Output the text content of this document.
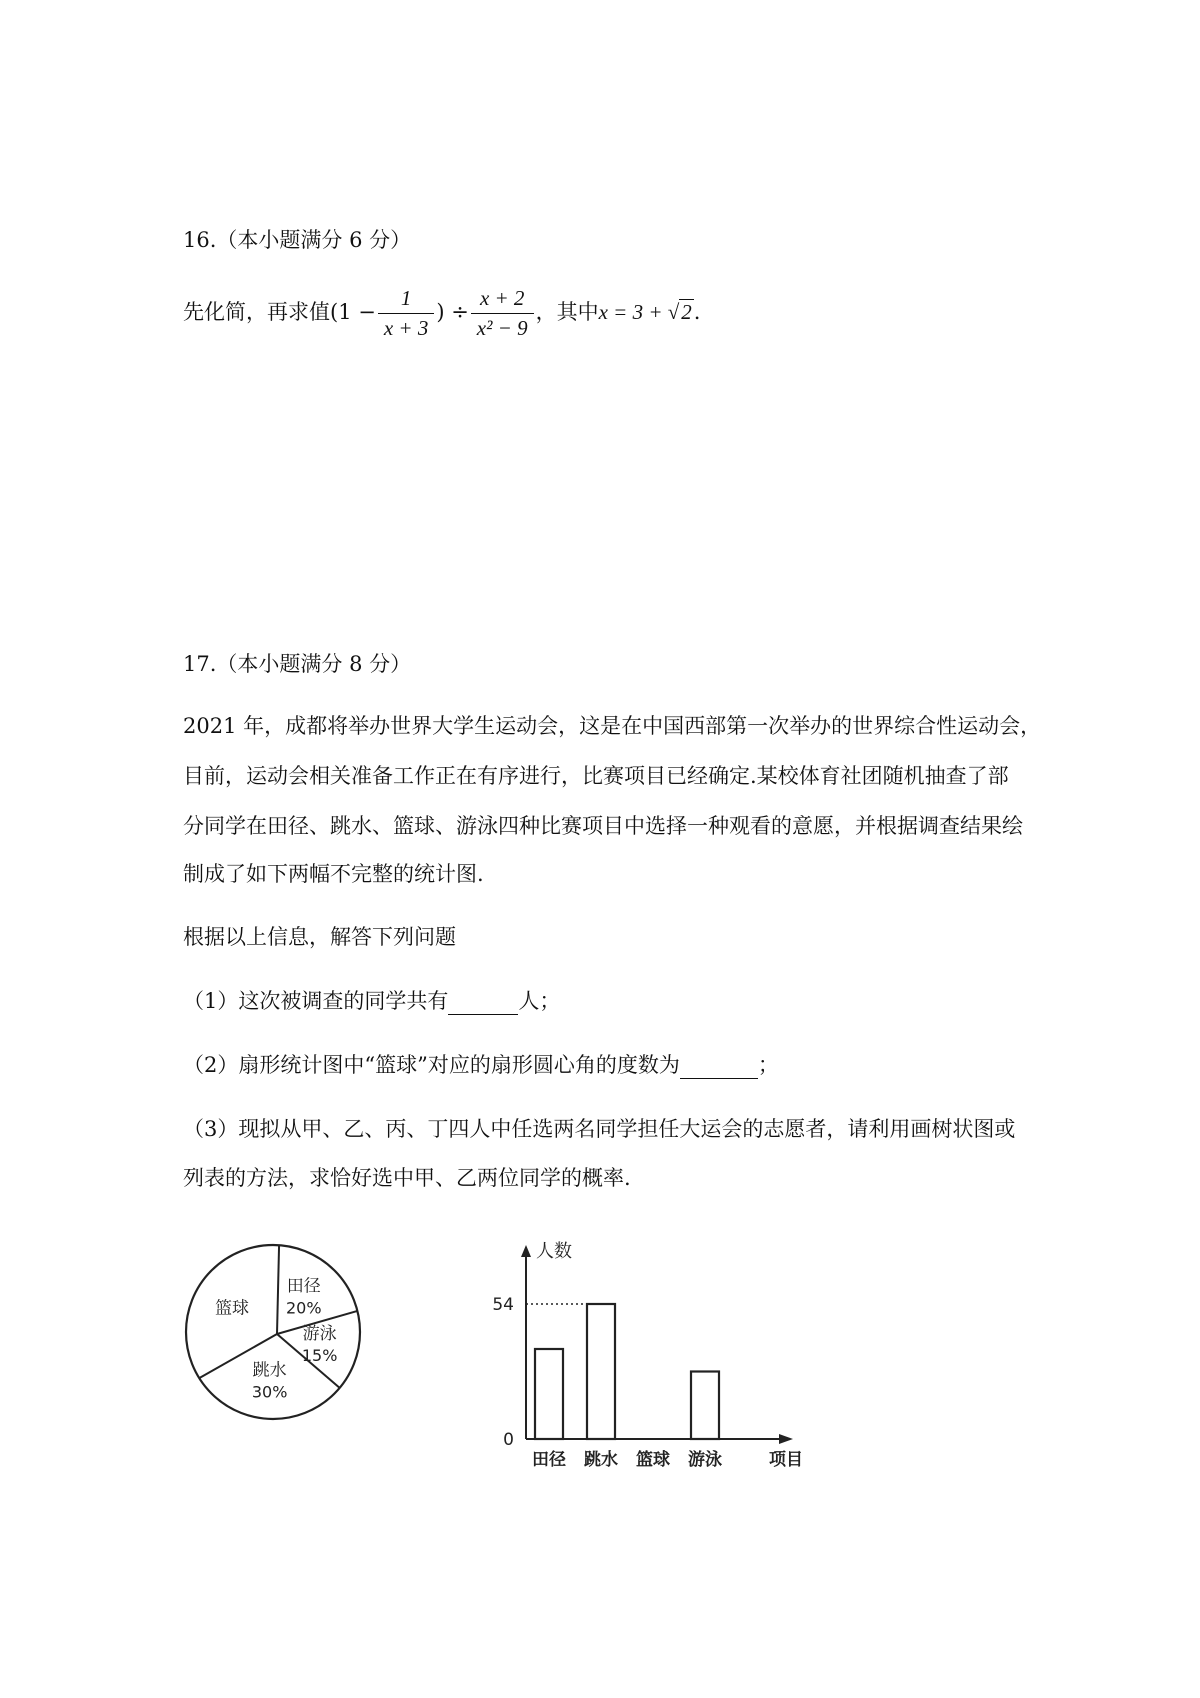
16.（本小题满分 6 分）
先化简，再求值($1 - \frac{1}{x + 3}$ ) ÷ $\frac{x + 2}{\text{x² − 9}}$ ，其中x = 3 + √2.
17.（本小题满分 8 分）
2021 年，成都将举办世界大学生运动会，这是在中国西部第一次举办的世界综合性运动会，
目前，运动会相关准备工作正在有序进行，比赛项目已经确定.某校体育社团随机抽查了部
分同学在田径、跳水、篮球、游泳四种比赛项目中选择一种观看的意愿，并根据调查结果绘
制成了如下两幅不完整的统计图.
根据以上信息，解答下列问题
（1）这次被调查的同学共有	人；
（2）扇形统计图中“篮球”对应的扇形圆心角的度数为	；
（3）现拟从甲、乙、丙、丁四人中任选两名同学担任大运会的志愿者，请利用画树状图或
列表的方法，求恰好选中甲、乙两位同学的概率.
田径
20%
游泳
15%
跳水
30%
篮球
人数
0
54
田径 跳水 篮球 游泳	项目
